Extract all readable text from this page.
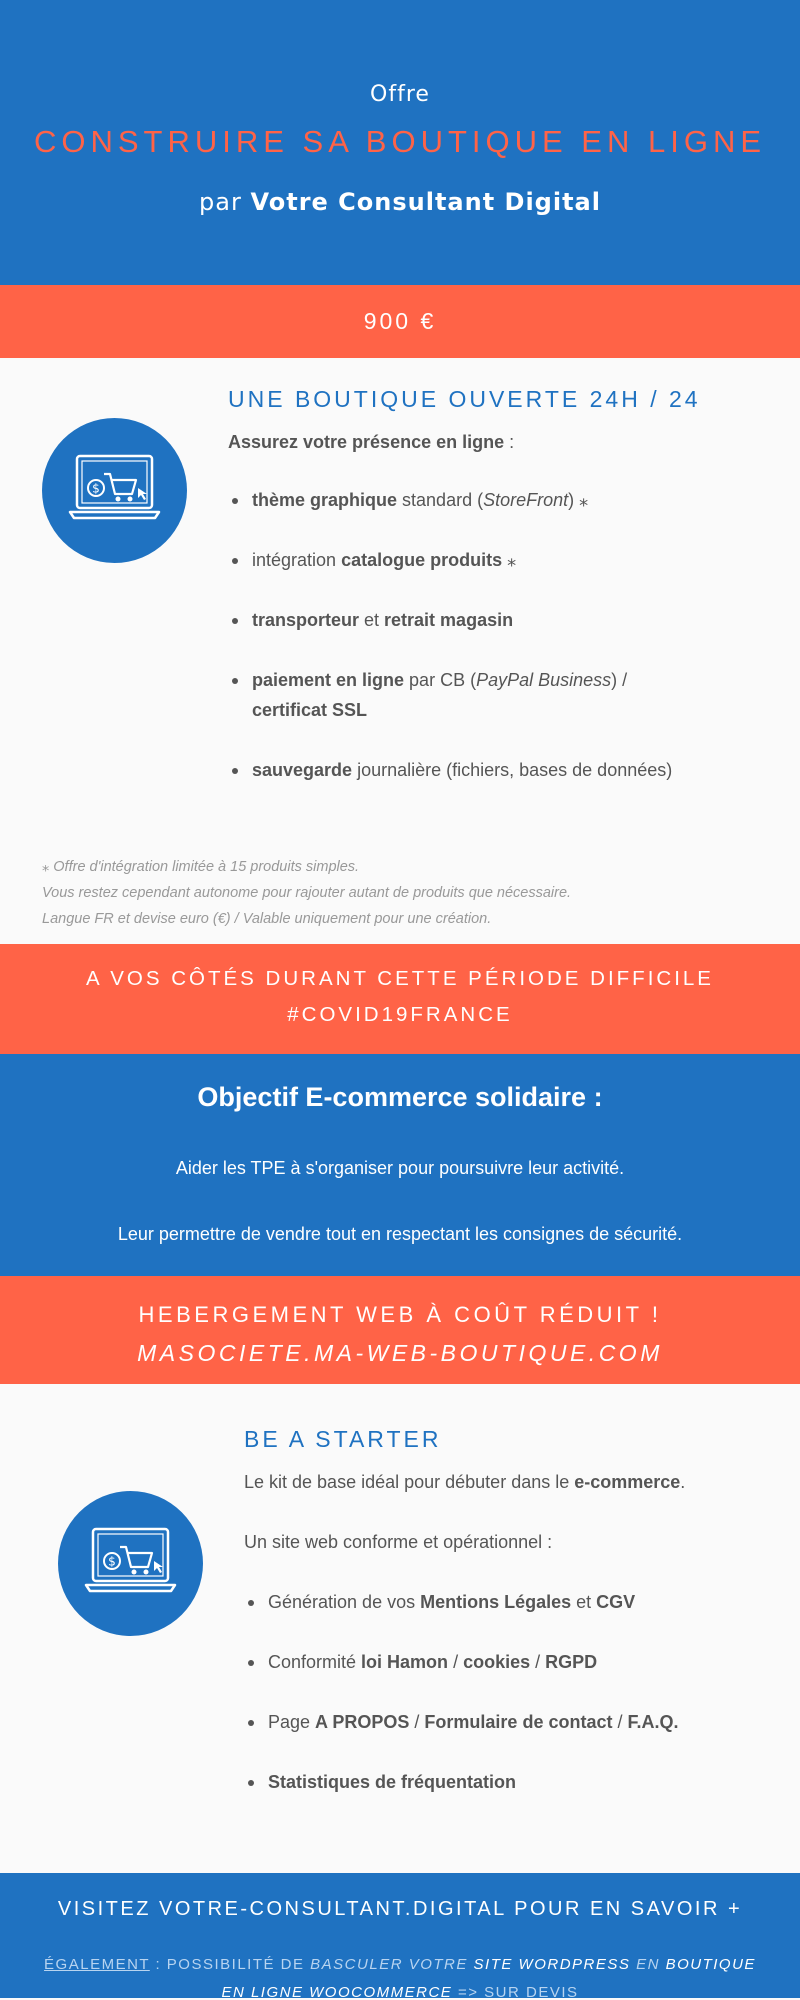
Offre
CONSTRUIRE SA BOUTIQUE EN LIGNE
par Votre Consultant Digital
900 €
$
UNE BOUTIQUE OUVERTE 24H / 24
Assurez votre présence en ligne :
thème graphique standard (StoreFront) ⁎
intégration catalogue produits ⁎
transporteur et retrait magasin
paiement en ligne par CB (PayPal Business) /
certificat SSL
sauvegarde journalière (fichiers, bases de données)
⁎ Offre d'intégration limitée à 15 produits simples.
Vous restez cependant autonome pour rajouter autant de produits que nécessaire.
Langue FR et devise euro (€) / Valable uniquement pour une création.
A VOS CÔTÉS DURANT CETTE PÉRIODE DIFFICILE
#COVID19FRANCE
Objectif E-commerce solidaire :
Aider les TPE à s'organiser pour poursuivre leur activité.
Leur permettre de vendre tout en respectant les consignes de sécurité.
HEBERGEMENT WEB À COÛT RÉDUIT !
MASOCIETE.MA-WEB-BOUTIQUE.COM
$
BE A STARTER
Le kit de base idéal pour débuter dans le e-commerce.
Un site web conforme et opérationnel :
Génération de vos Mentions Légales et CGV
Conformité loi Hamon / cookies / RGPD
Page A PROPOS / Formulaire de contact / F.A.Q.
Statistiques de fréquentation
VISITEZ VOTRE-CONSULTANT.DIGITAL POUR EN SAVOIR +
ÉGALEMENT : POSSIBILITÉ DE BASCULER VOTRE SITE WORDPRESS EN BOUTIQUE
EN LIGNE WOOCOMMERCE => SUR DEVIS
